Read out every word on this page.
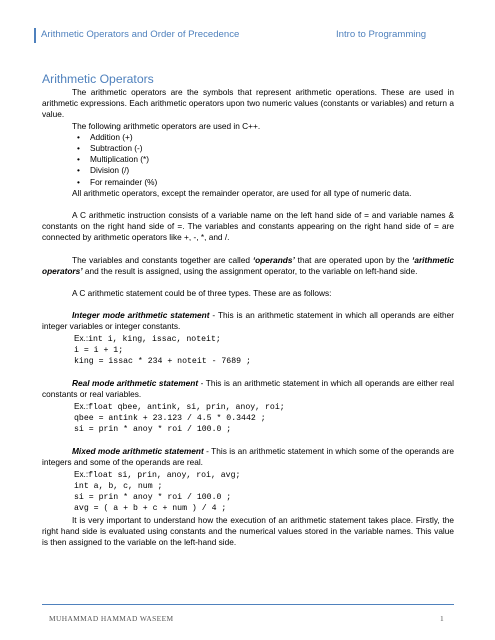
Arithmetic Operators and Order of Precedence	Intro to Programming
Arithmetic Operators

The arithmetic operators are the symbols that represent arithmetic operations. These are used in arithmetic expressions. Each arithmetic operators upon two numeric values (constants or variables) and return a value.

The following arithmetic operators are used in C++.

• Addition (+)
• Subtraction (-)
• Multiplication (*)
• Division (/)
• For remainder (%)

All arithmetic operators, except the remainder operator, are used for all type of numeric data.

A C arithmetic instruction consists of a variable name on the left hand side of = and variable names & constants on the right hand side of =. The variables and constants appearing on the right hand side of = are connected by arithmetic operators like +, -, *, and /.

The variables and constants together are called ‘operands’ that are operated upon by the ‘arithmetic operators’ and the result is assigned, using the assignment operator, to the variable on left-hand side.

A C arithmetic statement could be of three types. These are as follows:

Integer mode arithmetic statement - This is an arithmetic statement in which all operands are either integer variables or integer constants.

Ex.:int i, king, issac, noteit;
i = i + 1;
king = issac * 234 + noteit - 7689 ;

Real mode arithmetic statement - This is an arithmetic statement in which all operands are either real constants or real variables.

Ex.:float qbee, antink, si, prin, anoy, roi;
qbee = antink + 23.123 / 4.5 * 0.3442 ;
si = prin * anoy * roi / 100.0 ;

Mixed mode arithmetic statement - This is an arithmetic statement in which some of the operands are integers and some of the operands are real.

Ex.:float si, prin, anoy, roi, avg;
int a, b, c, num ;
si = prin * anoy * roi / 100.0 ;
avg = ( a + b + c + num ) / 4 ;

It is very important to understand how the execution of an arithmetic statement takes place. Firstly, the right hand side is evaluated using constants and the numerical values stored in the variable names. This value is then assigned to the variable on the left-hand side.

MUHAMMAD HAMMAD WASEEM	1
